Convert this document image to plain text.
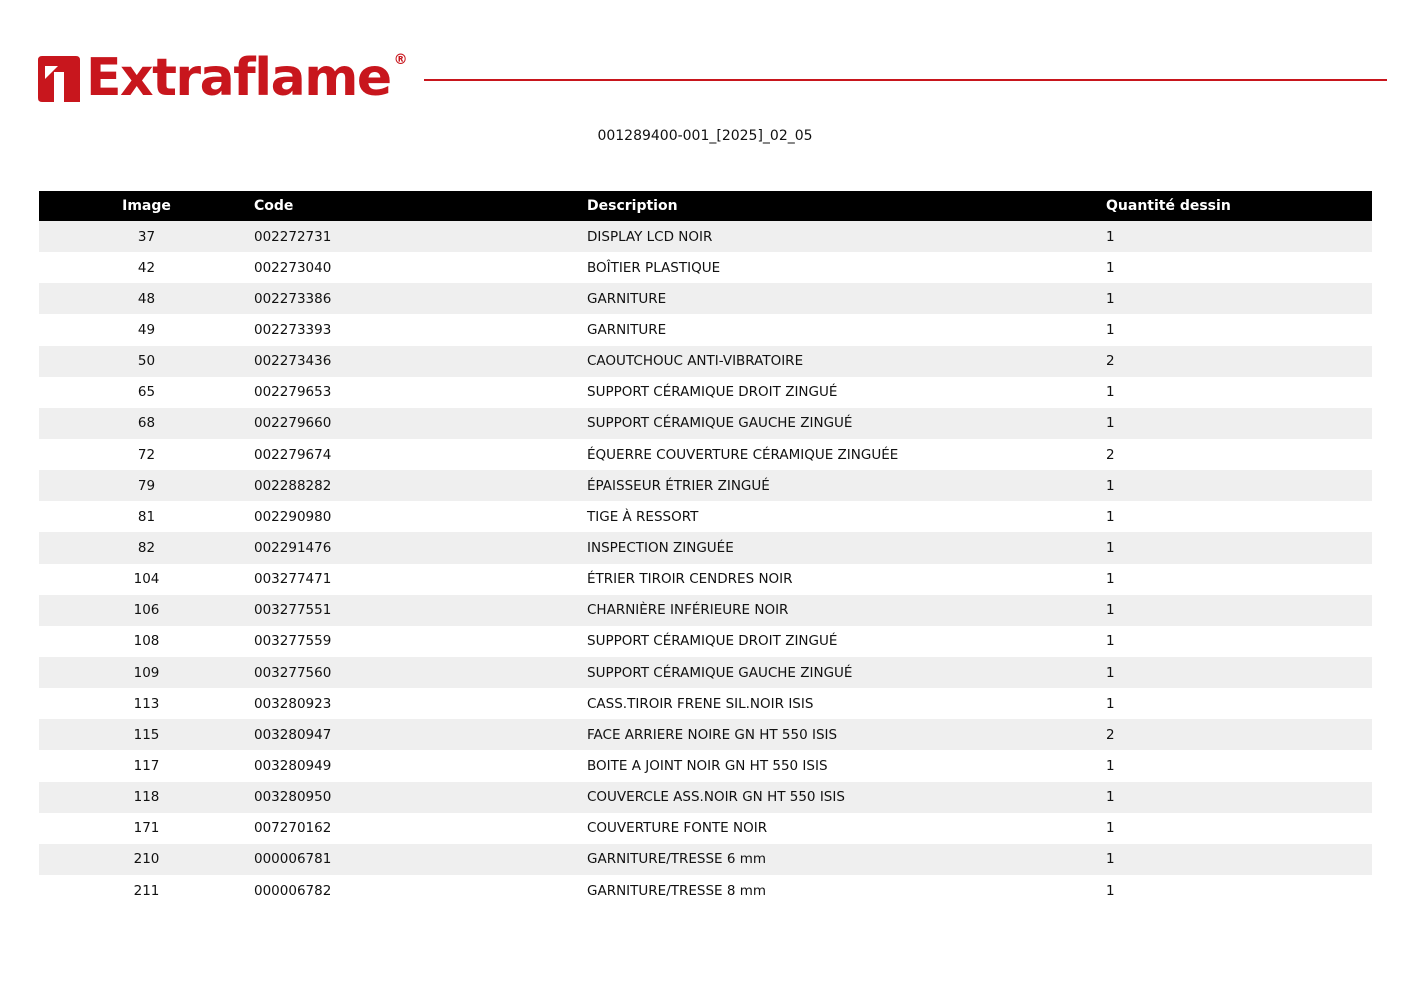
Extraflame ®
001289400-001_[2025]_02_05
Image	Code	Description	Quantité dessin
37	002272731	DISPLAY LCD NOIR	1
42	002273040	BOÎTIER PLASTIQUE	1
48	002273386	GARNITURE	1
49	002273393	GARNITURE	1
50	002273436	CAOUTCHOUC ANTI-VIBRATOIRE	2
65	002279653	SUPPORT CÉRAMIQUE DROIT ZINGUÉ	1
68	002279660	SUPPORT CÉRAMIQUE GAUCHE ZINGUÉ	1
72	002279674	ÉQUERRE COUVERTURE CÉRAMIQUE ZINGUÉE	2
79	002288282	ÉPAISSEUR ÉTRIER ZINGUÉ	1
81	002290980	TIGE À RESSORT	1
82	002291476	INSPECTION ZINGUÉE	1
104	003277471	ÉTRIER TIROIR CENDRES NOIR	1
106	003277551	CHARNIÈRE INFÉRIEURE NOIR	1
108	003277559	SUPPORT CÉRAMIQUE DROIT ZINGUÉ	1
109	003277560	SUPPORT CÉRAMIQUE GAUCHE ZINGUÉ	1
113	003280923	CASS.TIROIR FRENE SIL.NOIR ISIS	1
115	003280947	FACE ARRIERE NOIRE GN HT 550 ISIS	2
117	003280949	BOITE A JOINT NOIR GN HT 550 ISIS	1
118	003280950	COUVERCLE ASS.NOIR GN HT 550 ISIS	1
171	007270162	COUVERTURE FONTE NOIR	1
210	000006781	GARNITURE/TRESSE 6 mm	1
211	000006782	GARNITURE/TRESSE 8 mm	1
